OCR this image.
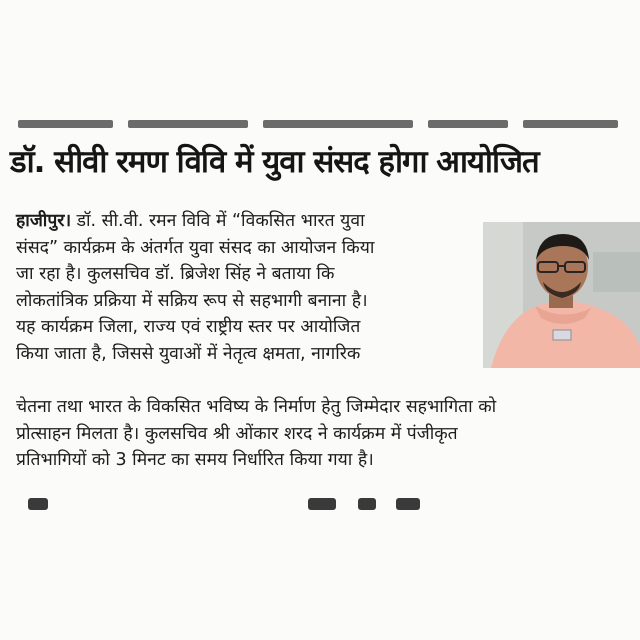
डॉ. सीवी रमण विवि में युवा संसद होगा आयोजित
हाजीपुर। डॉ. सी.वी. रमन विवि में “विकसित भारत युवा
संसद” कार्यक्रम के अंतर्गत युवा संसद का आयोजन किया
जा रहा है। कुलसचिव डॉ. ब्रिजेश सिंह ने बताया कि
लोकतांत्रिक प्रक्रिया में सक्रिय रूप से सहभागी बनाना है।
यह कार्यक्रम जिला, राज्य एवं राष्ट्रीय स्तर पर आयोजित
किया जाता है, जिससे युवाओं में नेतृत्व क्षमता, नागरिक
चेतना तथा भारत के विकसित भविष्य के निर्माण हेतु जिम्मेदार सहभागिता को
प्रोत्साहन मिलता है। कुलसचिव श्री ओंकार शरद ने कार्यक्रम में पंजीकृत
प्रतिभागियों को 3 मिनट का समय निर्धारित किया गया है।
